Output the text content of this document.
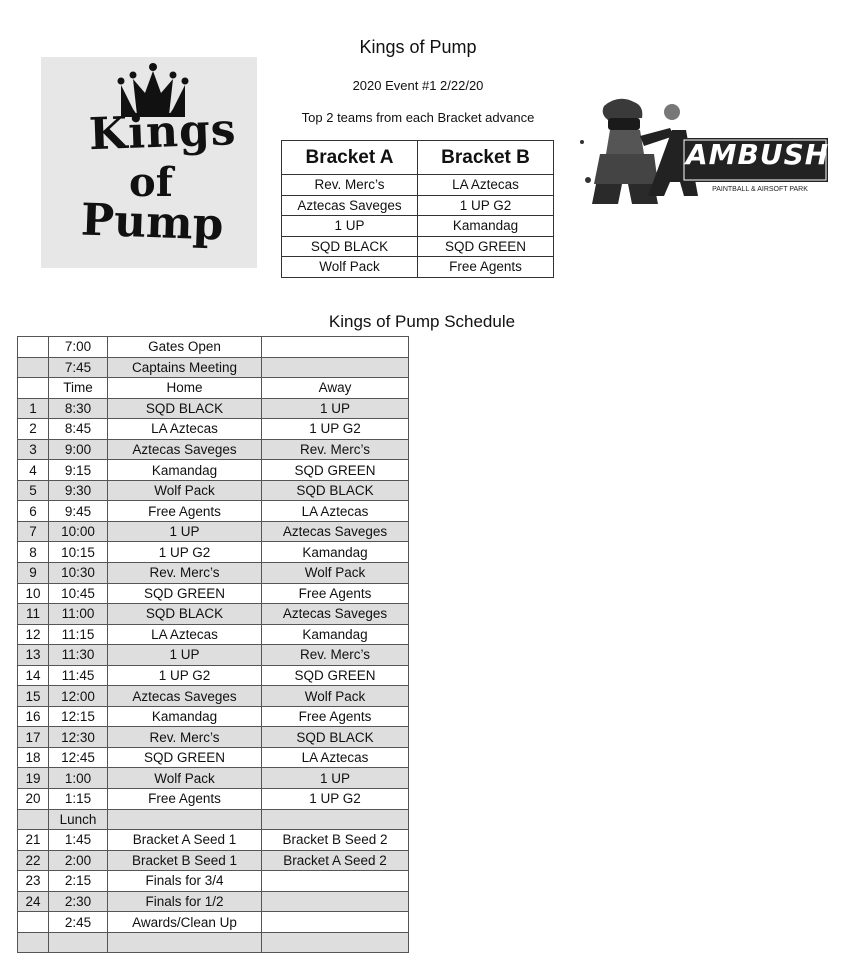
Kings of Pump
2020 Event #1 2/22/20
Top 2 teams from each Bracket advance
Kings
of
Pump
AMBUSH
PAINTBALL & AIRSOFT PARK
Bracket A	Bracket B
Rev. Merc’s	LA Aztecas
Aztecas Saveges	1 UP G2
1 UP	Kamandag
SQD BLACK	SQD GREEN
Wolf Pack	Free Agents
Kings of Pump Schedule
	7:00	Gates Open	
	7:45	Captains Meeting	
	Time	Home	Away
1	8:30	SQD BLACK	1 UP
2	8:45	LA Aztecas	1 UP G2
3	9:00	Aztecas Saveges	Rev. Merc’s
4	9:15	Kamandag	SQD GREEN
5	9:30	Wolf Pack	SQD BLACK
6	9:45	Free Agents	LA Aztecas
7	10:00	1 UP	Aztecas Saveges
8	10:15	1 UP G2	Kamandag
9	10:30	Rev. Merc’s	Wolf Pack
10	10:45	SQD GREEN	Free Agents
11	11:00	SQD BLACK	Aztecas Saveges
12	11:15	LA Aztecas	Kamandag
13	11:30	1 UP	Rev. Merc’s
14	11:45	1 UP G2	SQD GREEN
15	12:00	Aztecas Saveges	Wolf Pack
16	12:15	Kamandag	Free Agents
17	12:30	Rev. Merc’s	SQD BLACK
18	12:45	SQD GREEN	LA Aztecas
19	1:00	Wolf Pack	1 UP
20	1:15	Free Agents	1 UP G2
	Lunch		
21	1:45	Bracket A Seed 1	Bracket B Seed 2
22	2:00	Bracket B Seed 1	Bracket A Seed 2
23	2:15	Finals for 3/4	
24	2:30	Finals for 1/2	
	2:45	Awards/Clean Up	
